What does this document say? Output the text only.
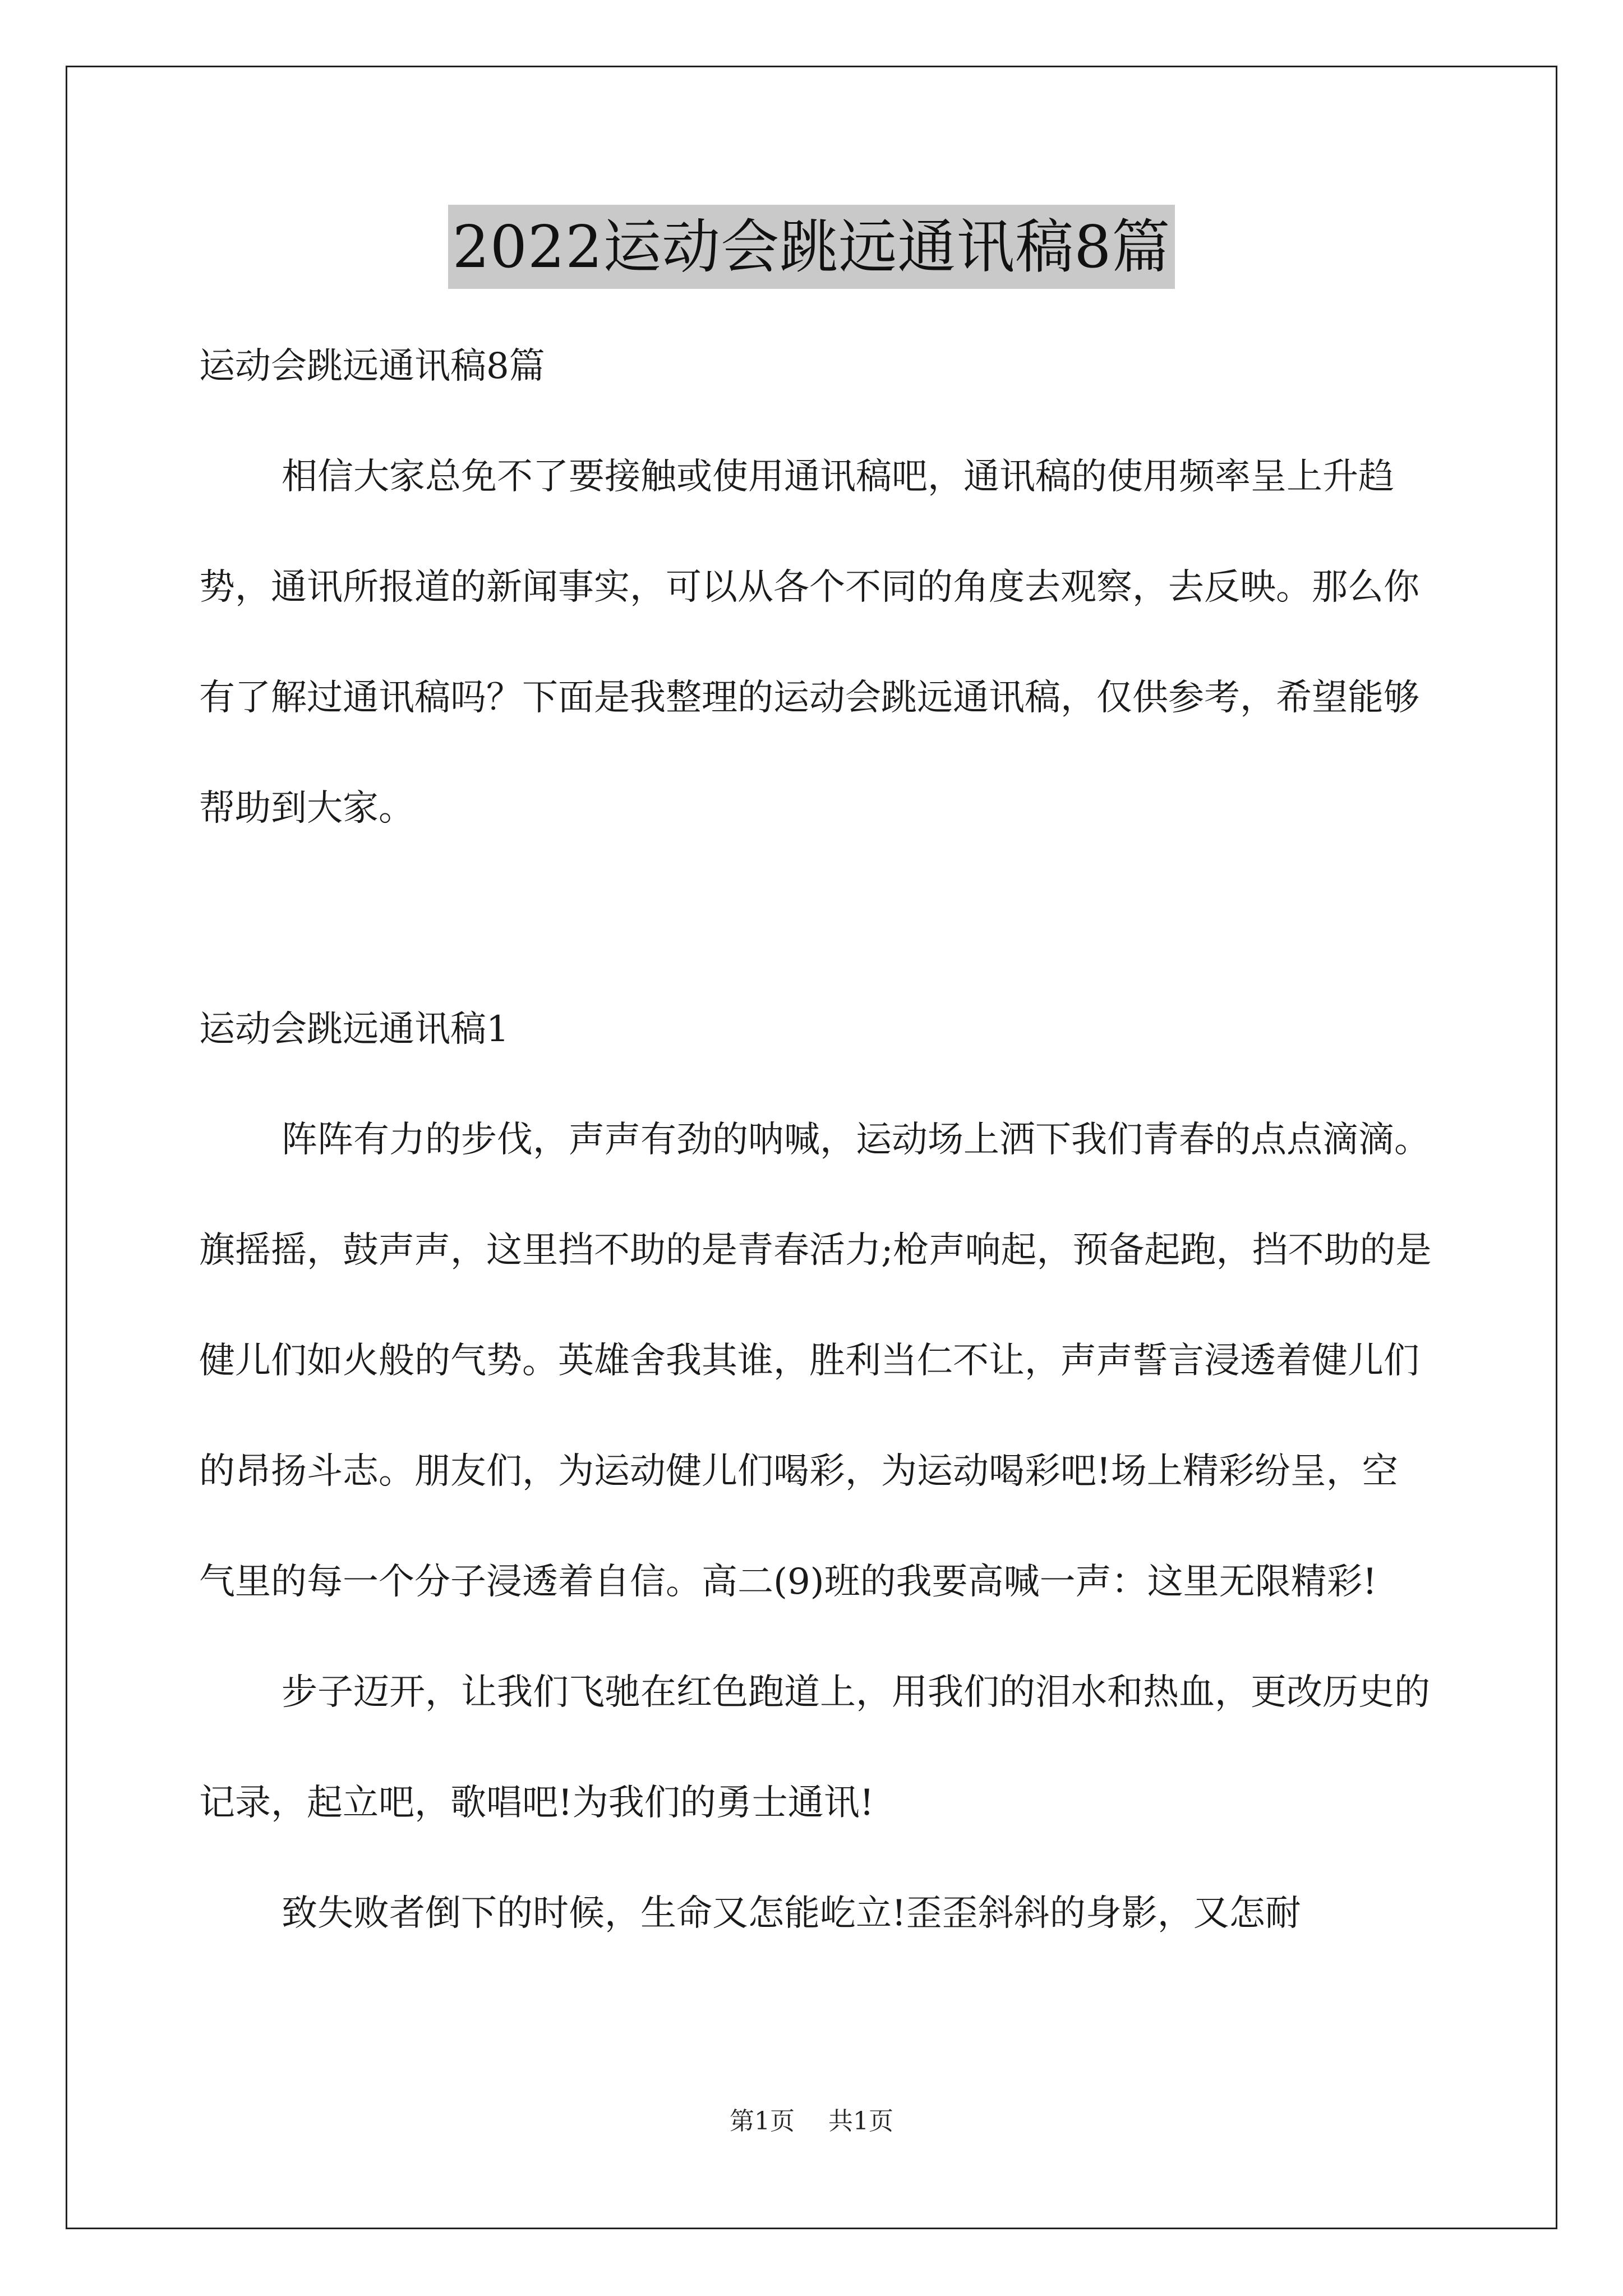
2022运动会跳远通讯稿8篇

运动会跳远通讯稿8篇

相信大家总免不了要接触或使用通讯稿吧，通讯稿的使用频率呈上升趋势，通讯所报道的新闻事实，可以从各个不同的角度去观察，去反映。那么你有了解过通讯稿吗？下面是我整理的运动会跳远通讯稿，仅供参考，希望能够帮助到大家。

运动会跳远通讯稿1

阵阵有力的步伐，声声有劲的呐喊，运动场上洒下我们青春的点点滴滴。旗摇摇，鼓声声，这里挡不助的是青春活力;枪声响起，预备起跑，挡不助的是健儿们如火般的气势。英雄舍我其谁，胜利当仁不让，声声誓言浸透着健儿们的昂扬斗志。朋友们，为运动健儿们喝彩，为运动喝彩吧!场上精彩纷呈，空气里的每一个分子浸透着自信。高二(9)班的我要高喊一声：这里无限精彩!

步子迈开，让我们飞驰在红色跑道上，用我们的泪水和热血，更改历史的记录，起立吧，歌唱吧!为我们的勇士通讯!

致失败者倒下的时候，生命又怎能屹立!歪歪斜斜的身影，又怎耐

第1页 共1页
